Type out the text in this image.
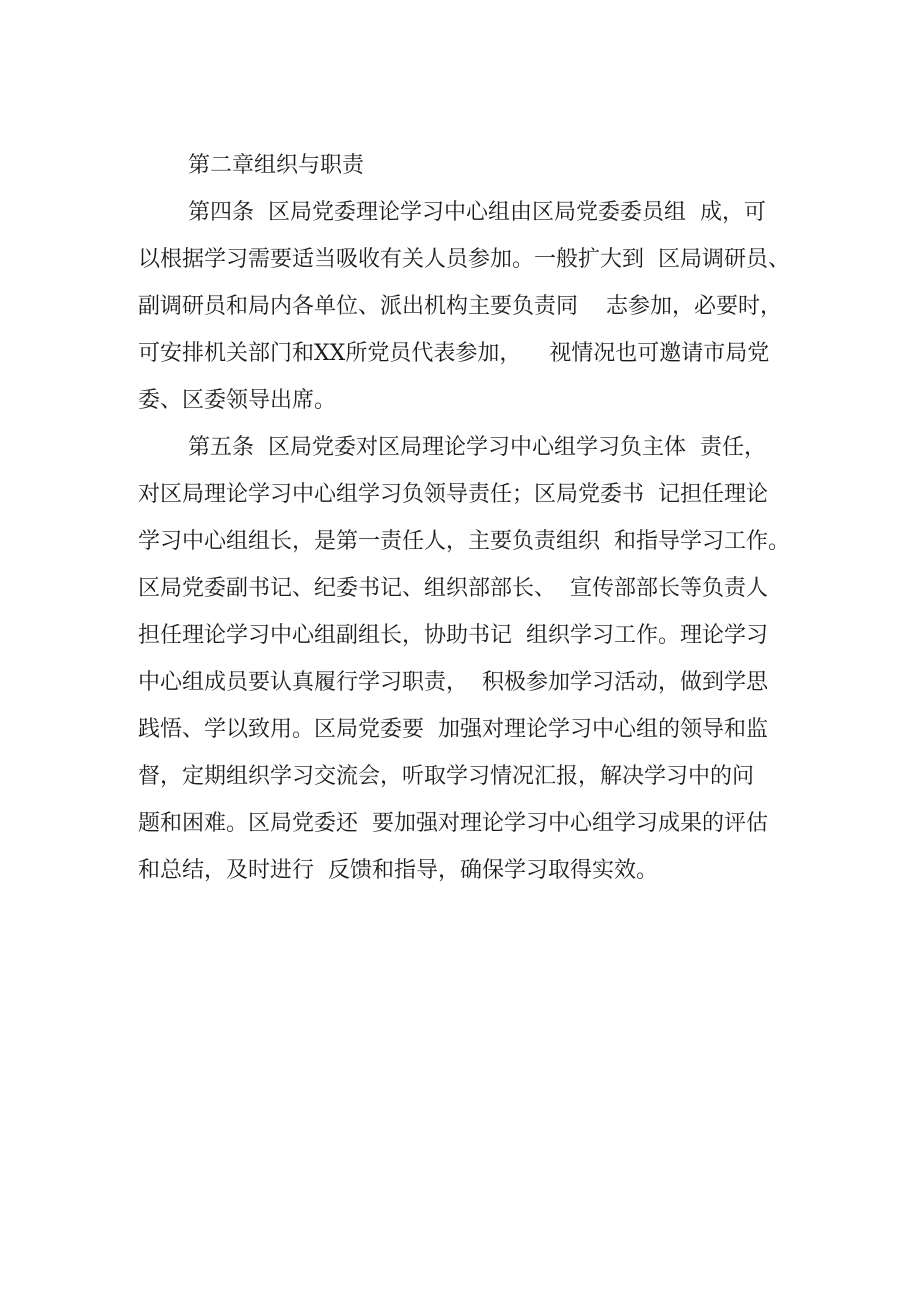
第二章组织与职责
第四条  区局党委理论学习中心组由区局党委委员组  成，可
以根据学习需要适当吸收有关人员参加。一般扩大到  区局调研员、
副调研员和局内各单位、派出机构主要负责同    志参加，必要时，
可安排机关部门和XX所党员代表参加，    视情况也可邀请市局党
委、区委领导出席。
第五条  区局党委对区局理论学习中心组学习负主体  责任，
对区局理论学习中心组学习负领导责任；区局党委书  记担任理论
学习中心组组长，是第一责任人，主要负责组织  和指导学习工作。
区局党委副书记、纪委书记、组织部部长、  宣传部部长等负责人
担任理论学习中心组副组长，协助书记  组织学习工作。理论学习
中心组成员要认真履行学习职责，  积极参加学习活动，做到学思
践悟、学以致用。区局党委要  加强对理论学习中心组的领导和监
督，定期组织学习交流会，听取学习情况汇报，解决学习中的问
题和困难。区局党委还  要加强对理论学习中心组学习成果的评估
和总结，及时进行  反馈和指导，确保学习取得实效。
